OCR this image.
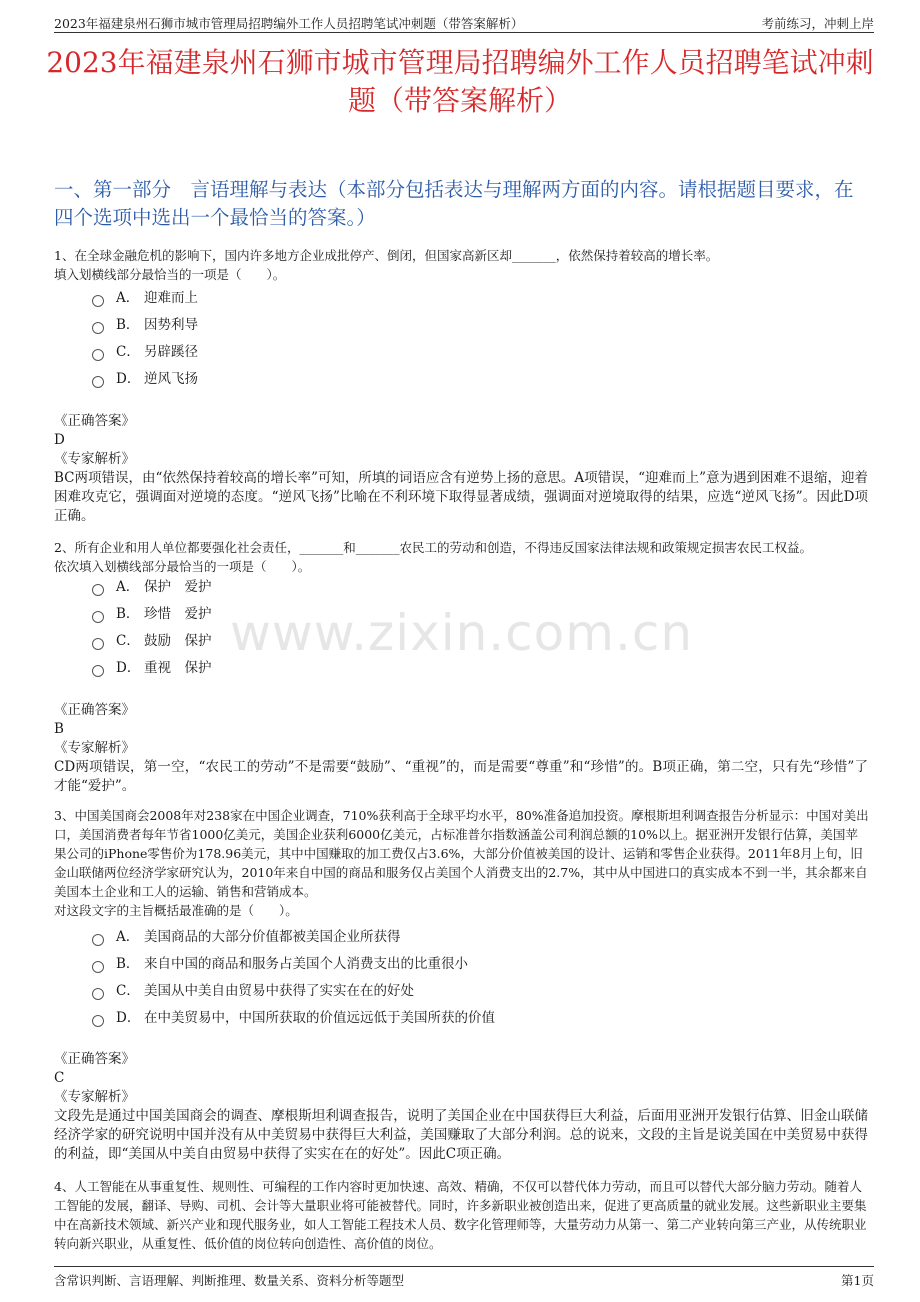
2023年福建泉州石狮市城市管理局招聘编外工作人员招聘笔试冲刺题（带答案解析）	考前练习，冲刺上岸
2023年福建泉州石狮市城市管理局招聘编外工作人员招聘笔试冲刺题（带答案解析）
一、第一部分　言语理解与表达（本部分包括表达与理解两方面的内容。请根据题目要求，在四个选项中选出一个最恰当的答案。）
www.zixin.com.cn

1、在全球金融危机的影响下，国内许多地方企业成批停产、倒闭，但国家高新区却_______，依然保持着较高的增长率。

填入划横线部分最恰当的一项是（　　）。

A． 迎难而上
B． 因势利导
C． 另辟蹊径
D． 逆风飞扬

《正确答案》

D

《专家解析》

BC两项错误，由“依然保持着较高的增长率”可知，所填的词语应含有逆势上扬的意思。A项错误，“迎难而上”意为遇到困难不退缩，迎着困难攻克它，强调面对逆境的态度。“逆风飞扬”比喻在不利环境下取得显著成绩，强调面对逆境取得的结果，应选“逆风飞扬”。因此D项正确。

2、所有企业和用人单位都要强化社会责任，_______和_______农民工的劳动和创造，不得违反国家法律法规和政策规定损害农民工权益。

依次填入划横线部分最恰当的一项是（　　）。

A． 保护　爱护
B． 珍惜　爱护
C． 鼓励　保护
D． 重视　保护

《正确答案》

B

《专家解析》

CD两项错误，第一空，“农民工的劳动”不是需要“鼓励”、“重视”的，而是需要“尊重”和“珍惜”的。B项正确，第二空，只有先“珍惜”了才能“爱护”。

3、中国美国商会2008年对238家在中国企业调查，710%获利高于全球平均水平，80%准备追加投资。摩根斯坦利调查报告分析显示：中国对美出口，美国消费者每年节省1000亿美元，美国企业获利6000亿美元，占标准普尔指数涵盖公司利润总额的10%以上。据亚洲开发银行估算，美国苹果公司的iPhone零售价为178.96美元，其中中国赚取的加工费仅占3.6%，大部分价值被美国的设计、运销和零售企业获得。2011年8月上旬，旧金山联储两位经济学家研究认为，2010年来自中国的商品和服务仅占美国个人消费支出的2.7%，其中从中国进口的真实成本不到一半，其余都来自美国本土企业和工人的运输、销售和营销成本。

对这段文字的主旨概括最准确的是（　　）。

A． 美国商品的大部分价值都被美国企业所获得
B． 来自中国的商品和服务占美国个人消费支出的比重很小
C． 美国从中美自由贸易中获得了实实在在的好处
D． 在中美贸易中，中国所获取的价值远远低于美国所获的价值

《正确答案》

C

《专家解析》

文段先是通过中国美国商会的调查、摩根斯坦利调查报告，说明了美国企业在中国获得巨大利益，后面用亚洲开发银行估算、旧金山联储经济学家的研究说明中国并没有从中美贸易中获得巨大利益，美国赚取了大部分利润。总的说来，文段的主旨是说美国在中美贸易中获得的利益，即“美国从中美自由贸易中获得了实实在在的好处”。因此C项正确。

4、人工智能在从事重复性、规则性、可编程的工作内容时更加快速、高效、精确，不仅可以替代体力劳动，而且可以替代大部分脑力劳动。随着人工智能的发展，翻译、导购、司机、会计等大量职业将可能被替代。同时，许多新职业被创造出来，促进了更高质量的就业发展。这些新职业主要集中在高新技术领域、新兴产业和现代服务业，如人工智能工程技术人员、数字化管理师等，大量劳动力从第一、第二产业转向第三产业，从传统职业转向新兴职业，从重复性、低价值的岗位转向创造性、高价值的岗位。

含常识判断、言语理解、判断推理、数量关系、资料分析等题型	第1页
